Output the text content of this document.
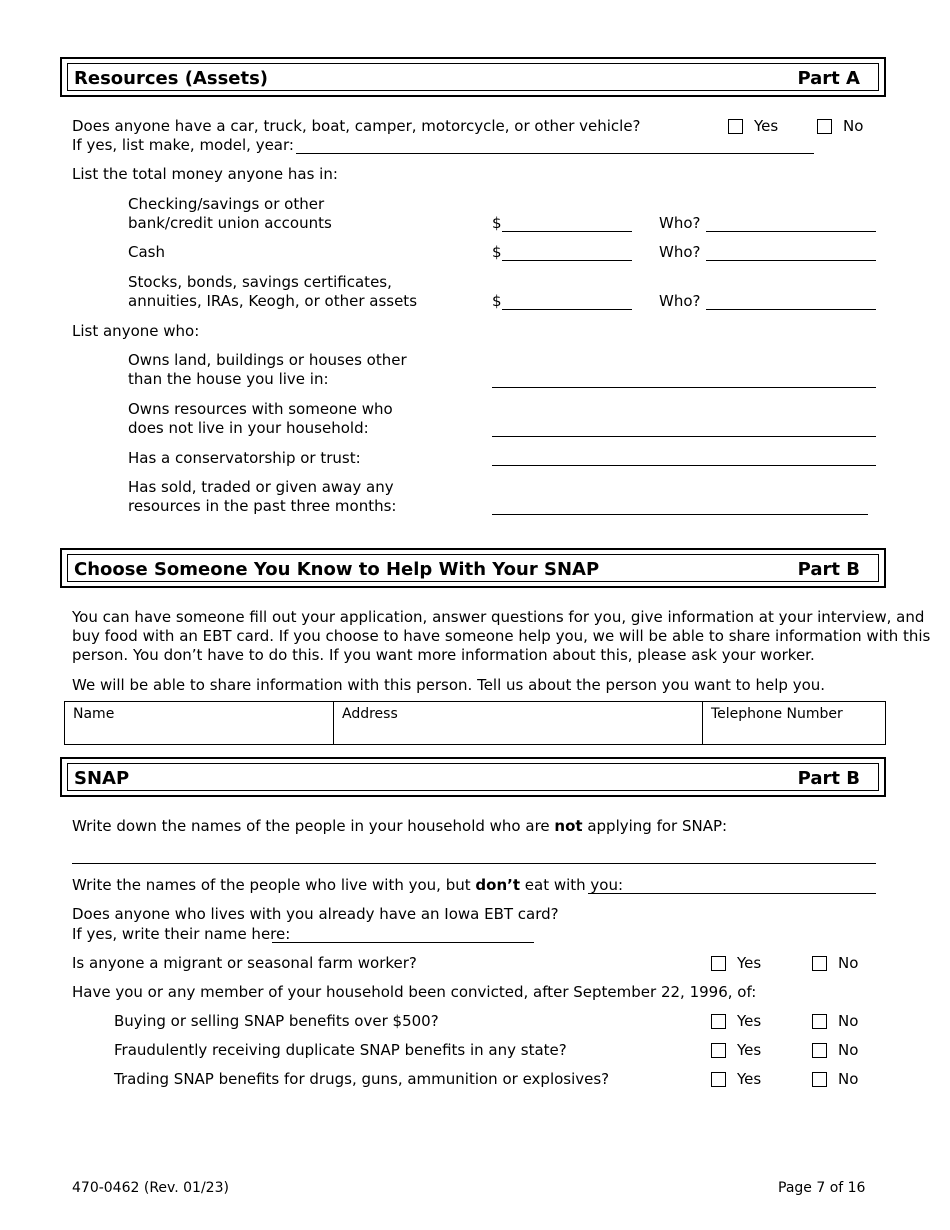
Resources (Assets)	Part A
Does anyone have a car, truck, boat, camper, motorcycle, or other vehicle?	Yes	No
If yes, list make, model, year:
List the total money anyone has in:
Checking/savings or other
bank/credit union accounts	$	Who?
Cash	$	Who?
Stocks, bonds, savings certificates,
annuities, IRAs, Keogh, or other assets	$	Who?
List anyone who:
Owns land, buildings or houses other
than the house you live in:
Owns resources with someone who
does not live in your household:
Has a conservatorship or trust:
Has sold, traded or given away any
resources in the past three months:
Choose Someone You Know to Help With Your SNAP	Part B
You can have someone fill out your application, answer questions for you, give information at your interview, and
buy food with an EBT card. If you choose to have someone help you, we will be able to share information with this
person. You don’t have to do this. If you want more information about this, please ask your worker.
We will be able to share information with this person. Tell us about the person you want to help you.
Name	Address	Telephone Number
SNAP	Part B
Write down the names of the people in your household who are not applying for SNAP:
Write the names of the people who live with you, but don’t eat with you:
Does anyone who lives with you already have an Iowa EBT card?
If yes, write their name here:
Is anyone a migrant or seasonal farm worker?	Yes	No
Have you or any member of your household been convicted, after September 22, 1996, of:
Buying or selling SNAP benefits over $500?	Yes	No
Fraudulently receiving duplicate SNAP benefits in any state?	Yes	No
Trading SNAP benefits for drugs, guns, ammunition or explosives?	Yes	No
470-0462 (Rev. 01/23)	Page 7 of 16
